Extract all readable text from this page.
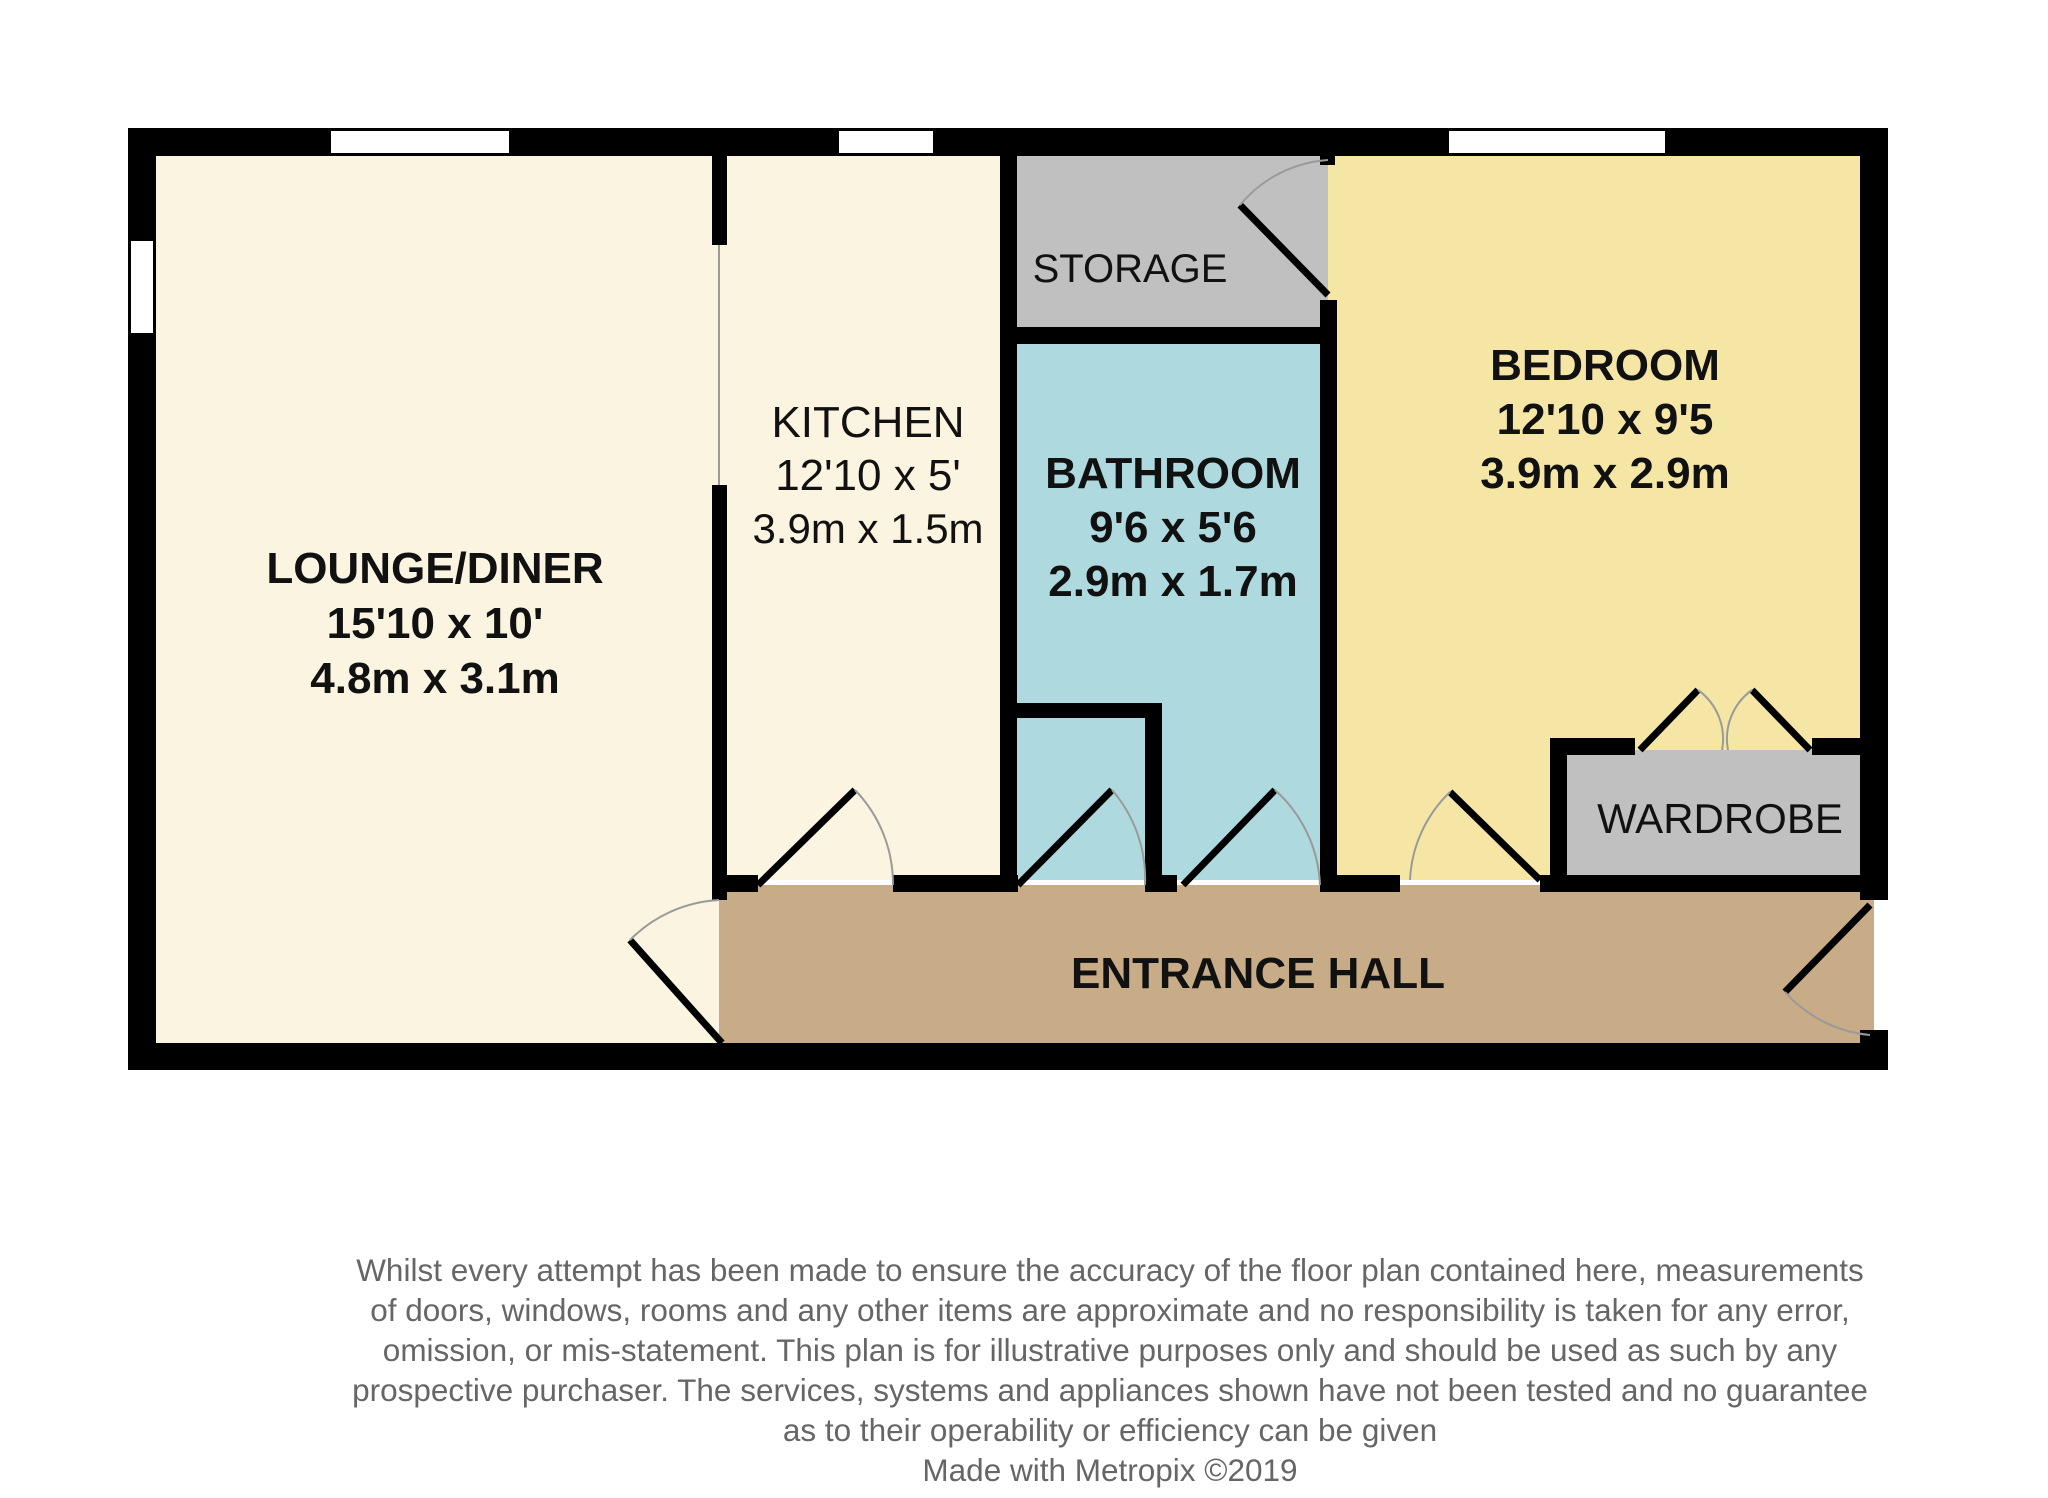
LOUNGE/DINER
15'10 x 10'
4.8m x 3.1m
KITCHEN
12'10 x 5'
3.9m x 1.5m
STORAGE
BATHROOM
9'6 x 5'6
2.9m x 1.7m
BEDROOM
12'10 x 9'5
3.9m x 2.9m
WARDROBE
ENTRANCE HALL
Whilst every attempt has been made to ensure the accuracy of the floor plan contained here, measurements
of doors, windows, rooms and any other items are approximate and no responsibility is taken for any error,
omission, or mis-statement. This plan is for illustrative purposes only and should be used as such by any
prospective purchaser. The services, systems and appliances shown have not been tested and no guarantee
as to their operability or efficiency can be given
Made with Metropix ©2019
